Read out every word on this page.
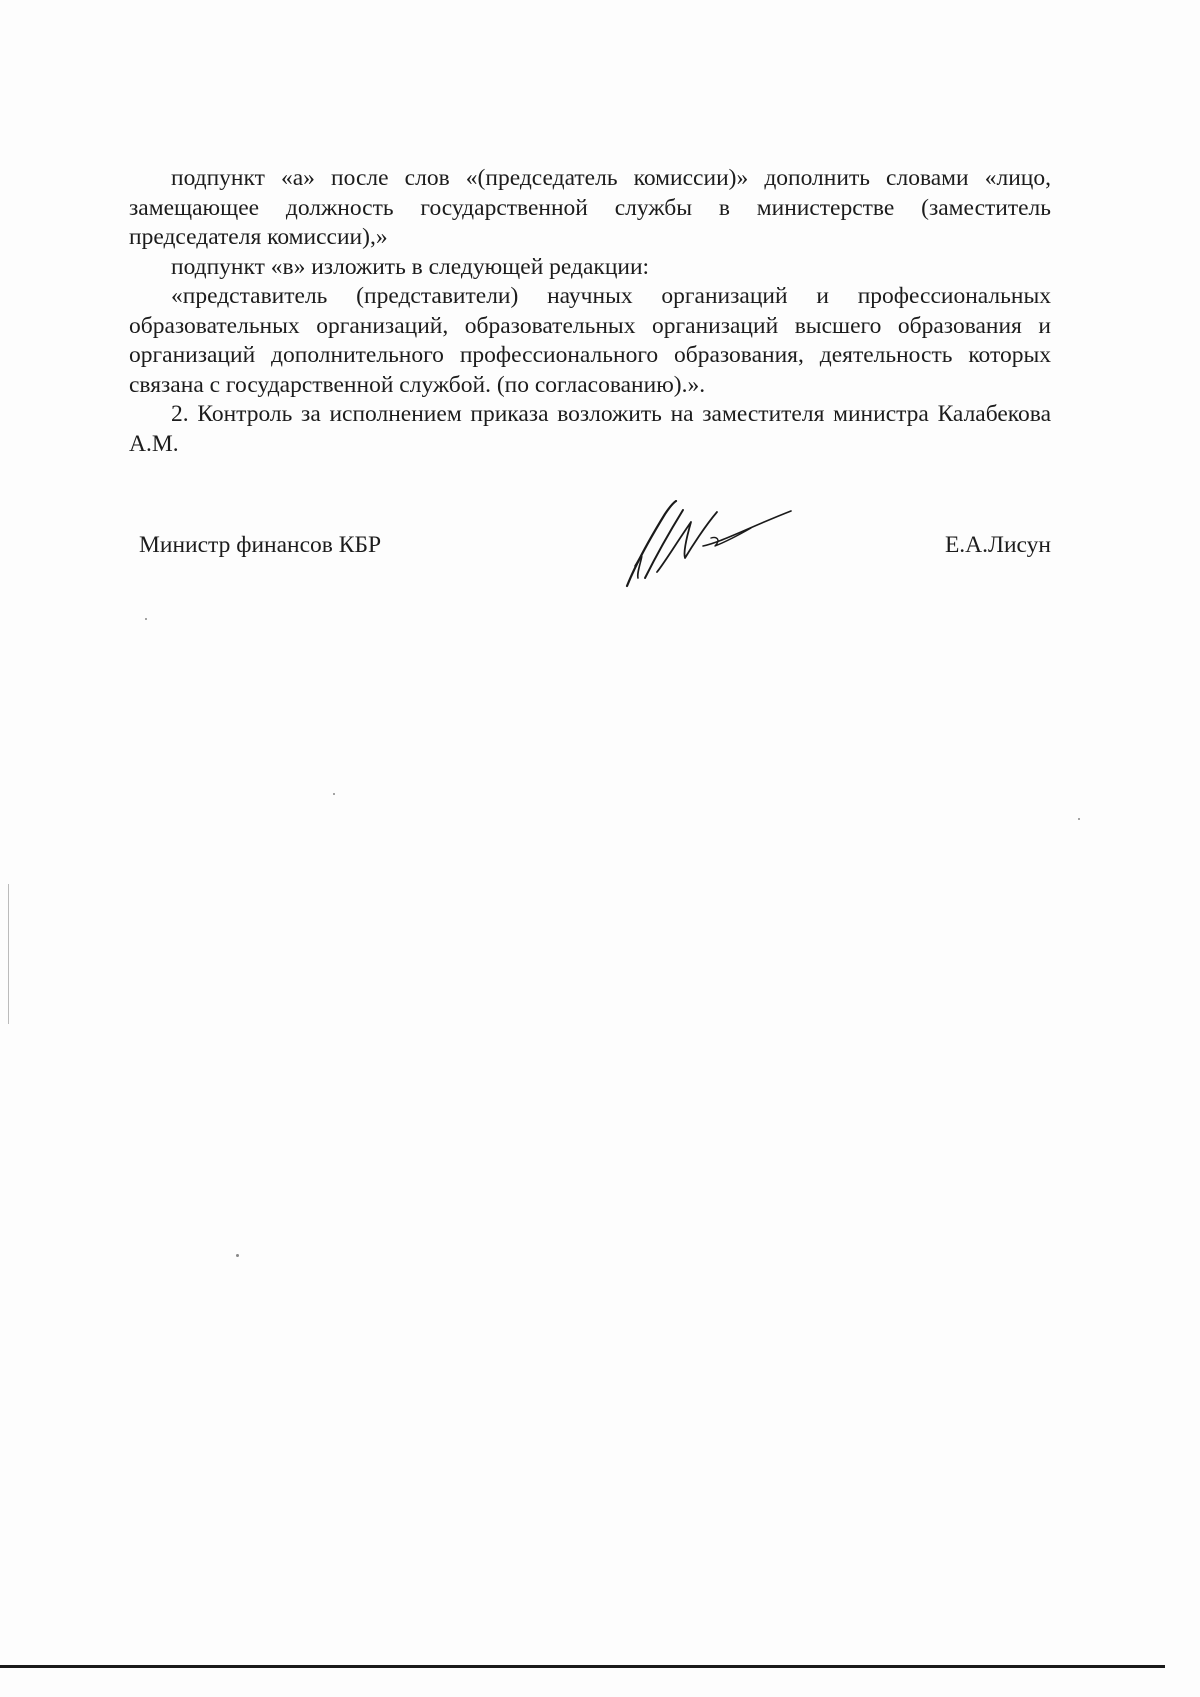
подпункт «а» после слов «(председатель комиссии)» дополнить словами «лицо, замещающее должность государственной службы в министерстве (заместитель председателя комиссии),»

подпункт «в» изложить в следующей редакции:

«представитель (представители) научных организаций и профессиональных образовательных организаций, образовательных организаций высшего образования и организаций дополнительного профессионального образования, деятельность которых связана с государственной службой. (по согласованию).».

2. Контроль за исполнением приказа возложить на заместителя министра Калабекова А.М.

Министр финансов КБР	Е.А.Лисун
